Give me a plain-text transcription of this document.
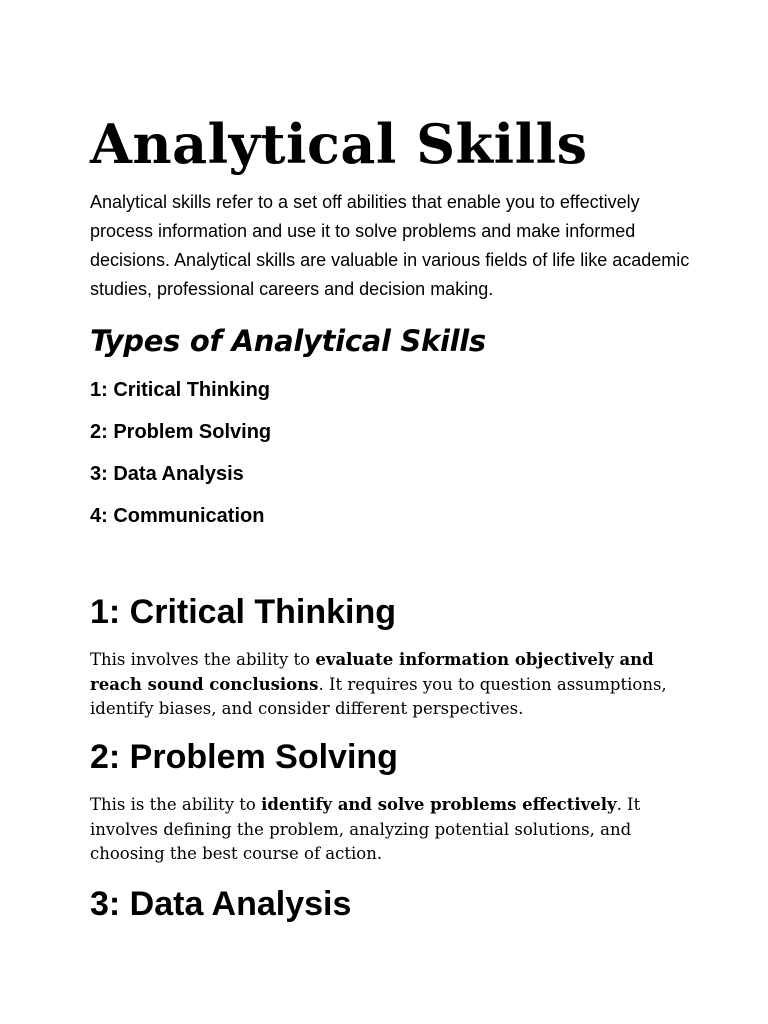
Analytical Skills

Analytical skills refer to a set off abilities that enable you to effectively process information and use it to solve problems and make informed decisions. Analytical skills are valuable in various fields of life like academic studies, professional careers and decision making.

Types of Analytical Skills
1: Critical Thinking
2: Problem Solving
3: Data Analysis
4: Communication
1: Critical Thinking

This involves the ability to evaluate information objectively and reach sound conclusions. It requires you to question assumptions, identify biases, and consider different perspectives.

2: Problem Solving

This is the ability to identify and solve problems effectively. It involves defining the problem, analyzing potential solutions, and choosing the best course of action.

3: Data Analysis
